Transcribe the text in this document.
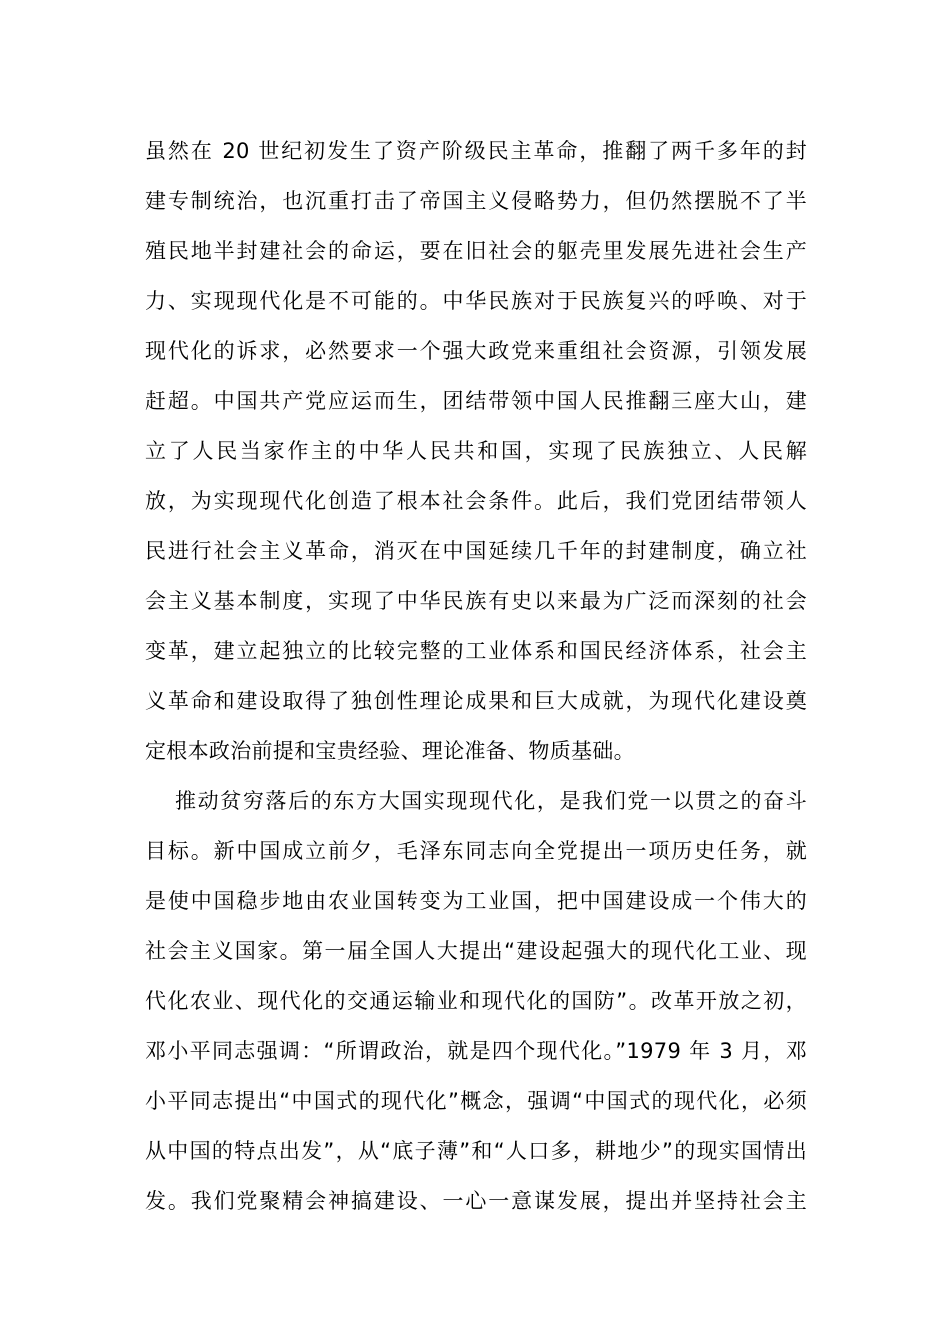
虽然在 20 世纪初发生了资产阶级民主革命，推翻了两千多年的封
建专制统治，也沉重打击了帝国主义侵略势力，但仍然摆脱不了半
殖民地半封建社会的命运，要在旧社会的躯壳里发展先进社会生产
力、实现现代化是不可能的。中华民族对于民族复兴的呼唤、对于
现代化的诉求，必然要求一个强大政党来重组社会资源，引领发展
赶超。中国共产党应运而生，团结带领中国人民推翻三座大山，建
立了人民当家作主的中华人民共和国，实现了民族独立、人民解
放，为实现现代化创造了根本社会条件。此后，我们党团结带领人
民进行社会主义革命，消灭在中国延续几千年的封建制度，确立社
会主义基本制度，实现了中华民族有史以来最为广泛而深刻的社会
变革，建立起独立的比较完整的工业体系和国民经济体系，社会主
义革命和建设取得了独创性理论成果和巨大成就，为现代化建设奠
定根本政治前提和宝贵经验、理论准备、物质基础。
推动贫穷落后的东方大国实现现代化，是我们党一以贯之的奋斗
目标。新中国成立前夕，毛泽东同志向全党提出一项历史任务，就
是使中国稳步地由农业国转变为工业国，把中国建设成一个伟大的
社会主义国家。第一届全国人大提出“建设起强大的现代化工业、现
代化农业、现代化的交通运输业和现代化的国防”。改革开放之初，
邓小平同志强调：“所谓政治，就是四个现代化。”1979 年 3 月，邓
小平同志提出“中国式的现代化”概念，强调“中国式的现代化，必须
从中国的特点出发”，从“底子薄”和“人口多，耕地少”的现实国情出
发。我们党聚精会神搞建设、一心一意谋发展，提出并坚持社会主
